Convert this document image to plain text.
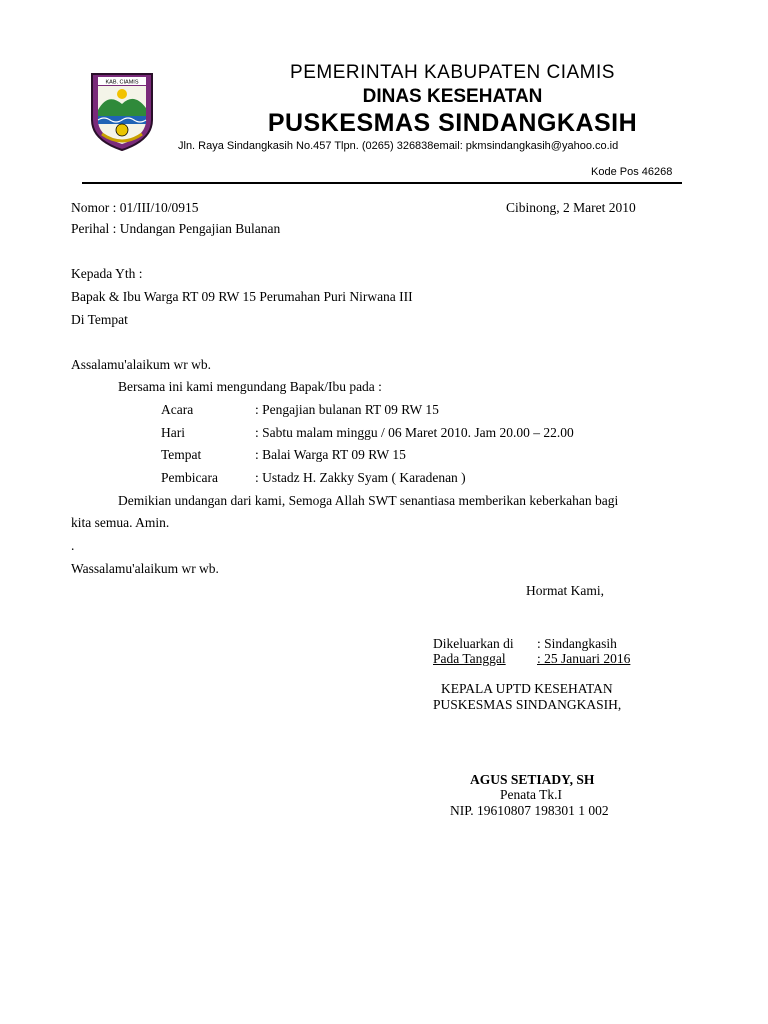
KAB. CIAMIS	PEMERINTAH KABUPATEN CIAMIS
DINAS KESEHATAN
PUSKESMAS SINDANGKASIH
Jln. Raya Sindangkasih No.457 Tlpn. (0265) 326838email: pkmsindangkasih@yahoo.co.id
Kode Pos 46268
Nomor : 01/III/10/0915	Cibinong, 2 Maret 2010
Perihal : Undangan Pengajian Bulanan
Kepada Yth :
Bapak & Ibu Warga RT 09 RW 15 Perumahan Puri Nirwana III
Di Tempat
Assalamu'alaikum wr wb.
Bersama ini kami mengundang Bapak/Ibu pada :
Acara	: Pengajian bulanan RT 09 RW 15
Hari	: Sabtu malam minggu / 06 Maret 2010. Jam 20.00 – 22.00
Tempat	: Balai Warga RT 09 RW 15
Pembicara	: Ustadz H. Zakky Syam ( Karadenan )
Demikian undangan dari kami, Semoga Allah SWT senantiasa memberikan keberkahan bagi
kita semua. Amin.
.
Wassalamu'alaikum wr wb.
Hormat Kami,
Dikeluarkan di : Sindangkasih
Pada Tanggal	: 25 Januari 2016
KEPALA UPTD KESEHATAN
PUSKESMAS SINDANGKASIH,
AGUS SETIADY, SH
Penata Tk.I
NIP. 19610807 198301 1 002
